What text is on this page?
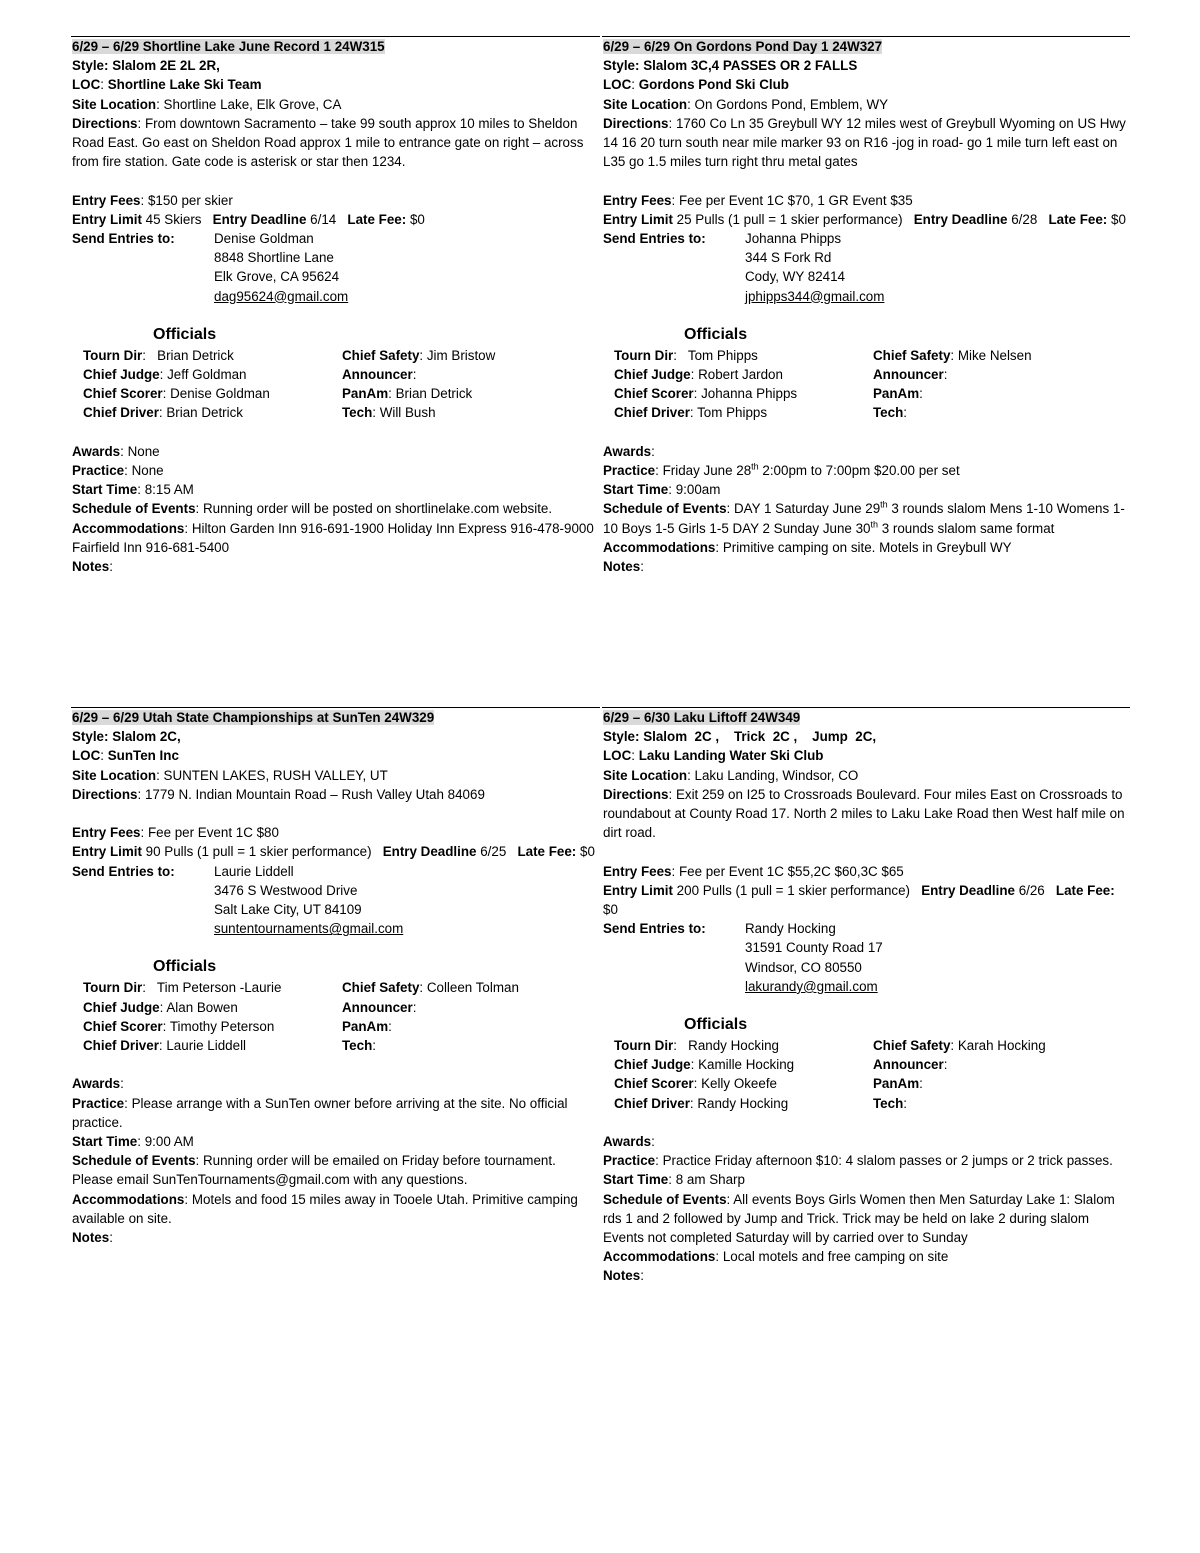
6/29 – 6/29 Shortline Lake June Record 1 24W315
Style: Slalom 2E 2L 2R,
LOC: Shortline Lake Ski Team
Site Location: Shortline Lake, Elk Grove, CA
Directions: From downtown Sacramento – take 99 south approx 10 miles to Sheldon Road East. Go east on Sheldon Road approx 1 mile to entrance gate on right – across from fire station. Gate code is asterisk or star then 1234.
Entry Fees: $150 per skier
Entry Limit 45 Skiers Entry Deadline 6/14 Late Fee: $0
Send Entries to:	Denise Goldman
8848 Shortline Lane
Elk Grove, CA 95624
dag95624@gmail.com
Officials
Tourn Dir:   Brian Detrick	Chief Safety: Jim Bristow
Chief Judge: Jeff Goldman	Announcer:
Chief Scorer: Denise Goldman	PanAm: Brian Detrick
Chief Driver: Brian Detrick	Tech: Will Bush
Awards: None
Practice: None
Start Time: 8:15 AM
Schedule of Events: Running order will be posted on shortlinelake.com website.
Accommodations: Hilton Garden Inn 916-691-1900 Holiday Inn Express 916-478-9000 Fairfield Inn 916-681-5400
Notes:
6/29 – 6/29 On Gordons Pond Day 1 24W327
Style: Slalom 3C,4 PASSES OR 2 FALLS
LOC: Gordons Pond Ski Club
Site Location: On Gordons Pond, Emblem, WY
Directions: 1760 Co Ln 35 Greybull WY 12 miles west of Greybull Wyoming on US Hwy 14 16 20 turn south near mile marker 93 on R16 -jog in road- go 1 mile turn left east on L35 go 1.5 miles turn right thru metal gates
Entry Fees: Fee per Event 1C $70, 1 GR Event $35
Entry Limit 25 Pulls (1 pull = 1 skier performance) Entry Deadline 6/28 Late Fee: $0
Send Entries to:	Johanna Phipps
344 S Fork Rd
Cody, WY 82414
jphipps344@gmail.com
Officials
Tourn Dir:   Tom Phipps	Chief Safety: Mike Nelsen
Chief Judge: Robert Jardon	Announcer:
Chief Scorer: Johanna Phipps	PanAm:
Chief Driver: Tom Phipps	Tech:
Awards:
Practice: Friday June 28th 2:00pm to 7:00pm $20.00 per set
Start Time: 9:00am
Schedule of Events: DAY 1 Saturday June 29th 3 rounds slalom Mens 1-10 Womens 1-10 Boys 1-5 Girls 1-5 DAY 2 Sunday June 30th 3 rounds slalom same format
Accommodations: Primitive camping on site. Motels in Greybull WY
Notes:
6/29 – 6/29 Utah State Championships at SunTen 24W329
Style: Slalom 2C,
LOC: SunTen Inc
Site Location: SUNTEN LAKES, RUSH VALLEY, UT
Directions: 1779 N. Indian Mountain Road – Rush Valley Utah 84069
Entry Fees: Fee per Event 1C $80
Entry Limit 90 Pulls (1 pull = 1 skier performance) Entry Deadline 6/25 Late Fee: $0
Send Entries to:	Laurie Liddell
3476 S Westwood Drive
Salt Lake City, UT 84109
suntentournaments@gmail.com
Officials
Tourn Dir:   Tim Peterson -Laurie	Chief Safety: Colleen Tolman
Chief Judge: Alan Bowen	Announcer:
Chief Scorer: Timothy Peterson	PanAm:
Chief Driver: Laurie Liddell	Tech:
Awards:
Practice: Please arrange with a SunTen owner before arriving at the site. No official practice.
Start Time: 9:00 AM
Schedule of Events: Running order will be emailed on Friday before tournament. Please email SunTenTournaments@gmail.com with any questions.
Accommodations: Motels and food 15 miles away in Tooele Utah. Primitive camping available on site.
Notes:
6/29 – 6/30 Laku Liftoff 24W349
Style: Slalom  2C ,    Trick  2C ,    Jump  2C,
LOC: Laku Landing Water Ski Club
Site Location: Laku Landing, Windsor, CO
Directions: Exit 259 on I25 to Crossroads Boulevard. Four miles East on Crossroads to roundabout at County Road 17. North 2 miles to Laku Lake Road then West half mile on dirt road.
Entry Fees: Fee per Event 1C $55,2C $60,3C $65
Entry Limit 200 Pulls (1 pull = 1 skier performance) Entry Deadline 6/26 Late Fee: $0
Send Entries to:	Randy Hocking
31591 County Road 17
Windsor, CO 80550
lakurandy@gmail.com
Officials
Tourn Dir:   Randy Hocking	Chief Safety: Karah Hocking
Chief Judge: Kamille Hocking	Announcer:
Chief Scorer: Kelly Okeefe	PanAm:
Chief Driver: Randy Hocking	Tech:
Awards:
Practice: Practice Friday afternoon $10: 4 slalom passes or 2 jumps or 2 trick passes.
Start Time: 8 am Sharp
Schedule of Events: All events Boys Girls Women then Men Saturday Lake 1: Slalom rds 1 and 2 followed by Jump and Trick. Trick may be held on lake 2 during slalom Events not completed Saturday will by carried over to Sunday
Accommodations: Local motels and free camping on site
Notes:
